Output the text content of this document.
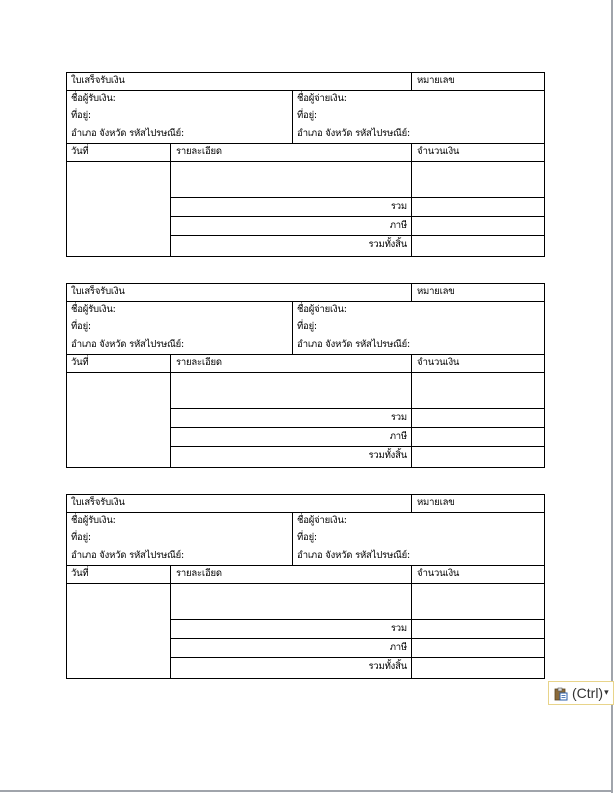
ใบเสร็จรับเงิน	หมายเลข
ชื่อผู้รับเงิน:
ที่อยู่:
อำเภอ จังหวัด รหัสไปรษณีย์:
ชื่อผู้จ่ายเงิน:
ที่อยู่:
อำเภอ จังหวัด รหัสไปรษณีย์:
วันที่	รายละเอียด	จำนวนเงิน
รวม
ภาษี
รวมทั้งสิ้น
ใบเสร็จรับเงิน	หมายเลข
ชื่อผู้รับเงิน:
ที่อยู่:
อำเภอ จังหวัด รหัสไปรษณีย์:
ชื่อผู้จ่ายเงิน:
ที่อยู่:
อำเภอ จังหวัด รหัสไปรษณีย์:
วันที่	รายละเอียด	จำนวนเงิน
รวม
ภาษี
รวมทั้งสิ้น
ใบเสร็จรับเงิน	หมายเลข
ชื่อผู้รับเงิน:
ที่อยู่:
อำเภอ จังหวัด รหัสไปรษณีย์:
ชื่อผู้จ่ายเงิน:
ที่อยู่:
อำเภอ จังหวัด รหัสไปรษณีย์:
วันที่	รายละเอียด	จำนวนเงิน
รวม
ภาษี
รวมทั้งสิ้น
(Ctrl) ▾
